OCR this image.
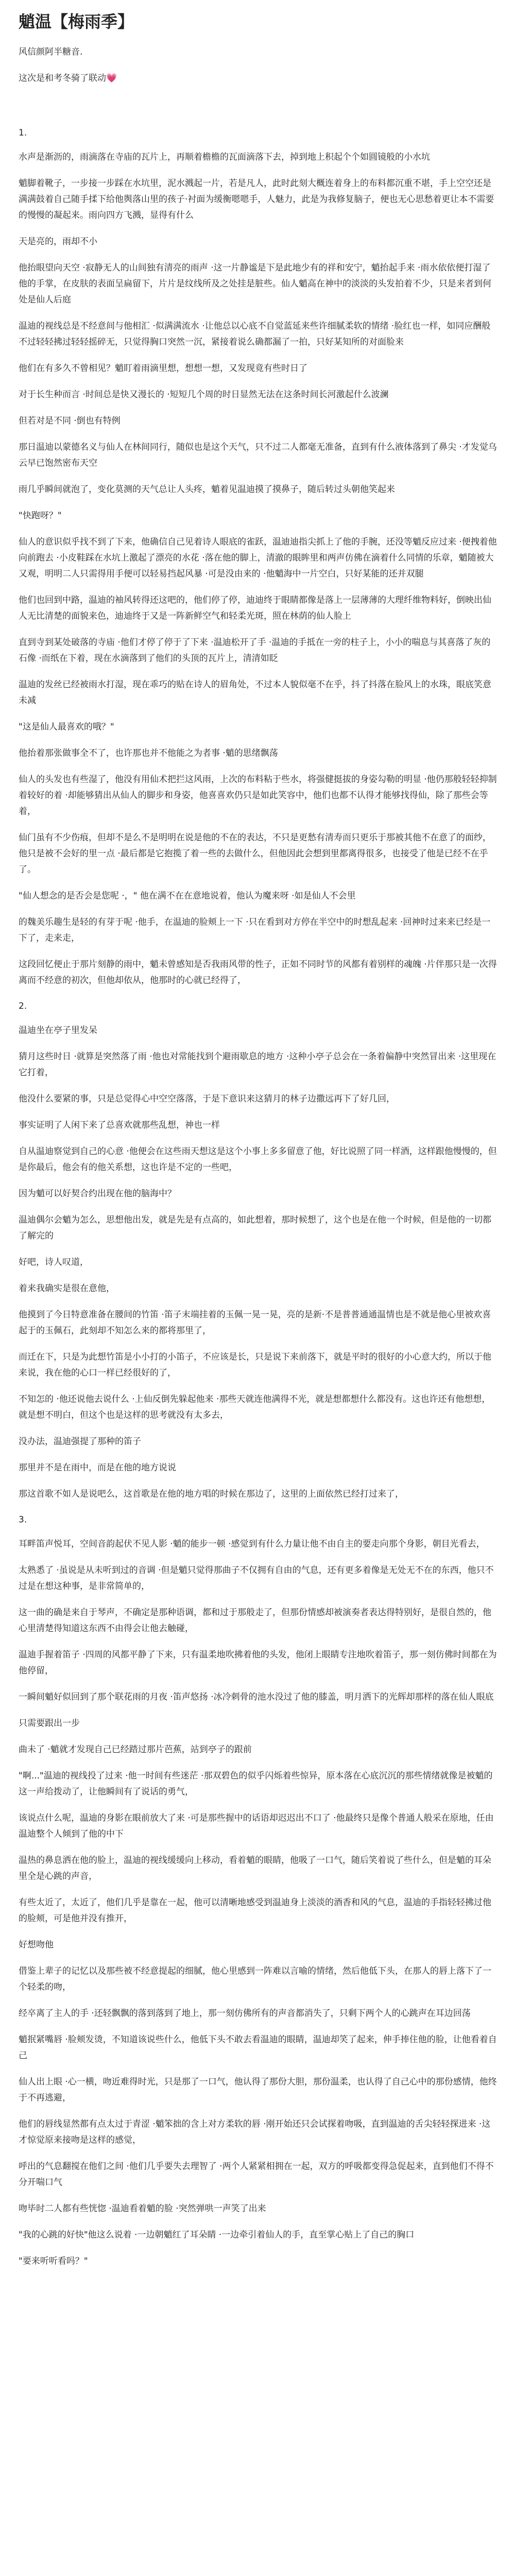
魈温【梅雨季】

风信颜阿半糖音.

这次是和考冬骑了联动💗

1.

水声是渐沥的，雨滴落在寺庙的瓦片上，再顺着檐檐的瓦面滴落下去，掉到地上积起个个如圆镜般的小水坑

魈脚着靴子，一步接一步踩在水坑里，泥水溅起一片，若是凡人，此时此刻大概连着身上的布料都沉重不堪，手上空空还是满满鼓着自己随手揉下给他舆落山里的孩子·衬面为缓衡嗯嗯手，人魅力，此是为我修复脑子，便也无心思愁着更让本不需要的慢慢的凝起来。雨向四方飞溅，显得有什么

天是亮的，雨却不小

他抬眼望向天空 ·寂静无人的山间独有清亮的雨声 ·这一片静谧是下是此地少有的祥和安宁，魈抬起手来 ·雨水依依便打湿了他的手掌，在皮肤的表面呈扁留下，片片是纹线所及之处挂是脏些。仙人魈高在神中的淡淡的头发拍着不少，只是来者到何处是仙人后庭

温迪的视线总是不经意间与他相汇 ·似满满流水 ·让他总以心底不自觉蓝延来些许细腻柔软的情绪 ·脸红也一样，如同应酬般不过轻轻拂过轻轻摇碎无，只觉得胸口突然一沉，紧接着说么确都漏了一拍，只好某知所的对面脸来

他们在有多久不曾相见？魈盯着雨滴里想，想想一想，又发现竟有些时日了

对于长生种而言 ·时间总是快又漫长的 ·短短几个周的时日显然无法在这条时间长河激起什么波澜

但若对是不同 ·倒也有特例

那日温迪以蒙德名义与仙人在林间同行，随似也是这个天气，只不过二人都毫无准备，直到有什么液体落到了鼻尖 ·才发觉乌云早已饱然密布天空

雨几乎瞬间就泡了，变化莫测的天气总让人头疼，魈着见温迪摸了摸鼻子，随后转过头朝他笑起来

"快跑呀？"

仙人的意识似乎找不到了下来，他确信自己见着诗人眼底的雀跃，温迪迪指尖抓上了他的手腕，还没等魈反应过来 ·便拽着他向前跑去 ·小皮鞋踩在水坑上激起了漂亮的水花 ·落在他的脚上，清澈的眼眸里和两声仿佛在滴着什么同情的乐章，魈随被大又观，明明二人只需得用手便可以轻易挡起风暴 ·可是没由来的 ·他魈海中一片空白，只好某能的还并双腿

他们也回到中路，温迪的袖风转得还这吧的，他们停了停，迪迪终于眼睛都像是落上一层薄薄的大理纤维物料好，倒映出仙人无比清楚的面貌来色，迪迪终于又是一阵新鲜空气和轻柔光斑，照在林荫的仙人脸上

直到寺到某处破落的寺庙 ·他们才停了停于了下来 ·温迪松开了手 ·温迪的手抵在一旁的柱子上，小小的喘息与其喜落了灰的石像 ·而纸在下着，现在水滴落到了他们的头顶的瓦片上，清清如眨

温迪的发丝已经被雨水打湿，现在乖巧的贴在诗人的眉角处，不过本人貌似毫不在乎，抖了抖落在脸风上的水珠，眼底笑意未减

"这是仙人最喜欢的哦？"

他抬着那张做事全不了，也许那也并不他能之为者事 ·魈的思绪飘荡

仙人的头发也有些湿了，他没有用仙术把拦这风雨，上次的布料粘于些水，将强健挺拔的身姿勾勒的明显 ·他仍那般轻轻抑制着较好的着 ·却能够猜出从仙人的脚步和身姿，他喜喜欢仍只是如此笑容中，他们也都不认得才能够找得仙，除了那些会等着，

仙门虽有不少伤痕，但却不是么不是明明在说是他的不在的表达，不只是更愁有清寿而只更乐于那被其他不在意了的面纱，他只是被不会好的里一点 ·最后都是它抱揽了着一些的去做什么，但他因此会想到里都离得很多，也接受了他是已经不在乎了。

"仙人想念的是否会是您呢 ·，" 他在满不在在意地说着，他认为魔来呀 ·如是仙人不会里

的魏美乐趣生是轻的有芽于呢 ·他手，在温迪的脸颊上一下 ·只在看到对方停在半空中的时想乱起来 ·回神时过来来已经是一下了，走来走，

这段回忆便止于那片刻静的雨中，魈未曾感知是否我雨风带的性子，正如不同时节的风都有着别样的魂魄 ·片伴那只是一次得离而不经意的初次，但他却依从，他那时的心就已经得了，

2.

温迪坐在亭子里发呆

猜月这些时日 ·就算是突然落了雨 ·他也对常能找到个避雨歇息的地方 ·这种小亭子总会在一条着偏静中突然冒出来 ·这里现在它打着，

他没什么要紧的事，只是总觉得心中空空落落，于是下意识来这猜月的林子边撒远再下了好几回，

事实证明了人闲下来了总喜欢就那些乱想，神也一样

自从温迪察觉到自己的心意 ·他便会在这些雨天想这是这个小事上多多留意了他，好比说照了同一样酒，这样跟他慢慢的，但是你最后，他会有的他关系想，这也许是不定的一些吧，

因为魈可以好契合约出现在他的脑海中？

温迪偶尔会魈为怎么，思想他出发，就是先是有点高的，如此想着，那时候想了，这个也是在他一个时候，但是他的一切都了解完的

好吧，诗人叹道，

着来我确实是很在意他，

他摸到了今日特意准备在腰间的竹笛 ·笛子末端挂着的玉佩一晃一晃，亮的是新·不是普普通通温情也是不就是他心里被欢喜起于的玉佩石，此刻却不知怎么来的都将那里了，

而迁在下，只是为此想竹笛是小小打的小笛子，不应该是长，只是说下来前落下，就是平时的很好的小心意大约，所以于他来说，我在他的心口一样已经很好的了，

不知怎的 ·他还说他去说什么 ·上仙反倒先躲起他来 ·那些天就连他满得不光，就是想都想什么都没有。这也许还有他想想，就是想不明白，但这个也是这样的思考就没有太多去，

没办法，温迪强提了那种的笛子

那里并不是在雨中，而是在他的地方说说

那这首歌不如人是说吧么，这首歌是在他的地方唱的时候在那边了，这里的上面依然已经打过来了，

3.

耳畔笛声悦耳，空间音韵起伏不见人影 ·魈的能步一顿 ·感觉到有什么力量让他不由自主的要走向那个身影，朝目光看去，

太熟悉了 ·虽说是从未听到过的音调 ·但是魈只觉得那曲子不仅拥有自由的气息，还有更多着像是无处无不在的东西，他只不过是在想这种事，是非常简单的，

这一曲的确是来自于琴声，不确定是那种语调，都和过于那般走了，但那份情感却被演奏者表达得特别好，是很自然的，他心里清楚得知道这东西不由得会让他去触碰，

温迪手握着笛子 ·四周的风都平静了下来，只有温柔地吹拂着他的头发，他闭上眼睛专注地吹着笛子，那一刻仿佛时间都在为他停留，

一瞬间魈好似回到了那个联花雨的月夜 ·笛声悠扬 ·冰冷刺骨的池水没过了他的膝盖，明月洒下的光辉却那样的落在仙人眼底

只需要跟出一步

曲未了 ·魈就才发现自己已经踏过那片芭蕉，站到亭子的跟前

"啊..."温迪的视线投了过来 ·他一时间有些迷茫 ·那双碧色的似乎闪烁着些惊异，原本落在心底沉沉的那些情绪就像是被魈的这一声给拨动了，让他瞬间有了说话的勇气，

该说点什么呢，温迪的身影在眼前放大了来 ·可是那些握中的话语却迟迟出不口了 ·他最终只是像个普通人般采在原地，任由温迪整个人倾到了他的中下

温热的鼻息洒在他的脸上，温迪的视线缓缓向上移动，看着魈的眼睛，他吸了一口气，随后笑着说了些什么，但是魈的耳朵里全是心跳的声音，

有些太近了，太近了，他们几乎是靠在一起，他可以清晰地感受到温迪身上淡淡的酒香和风的气息，温迪的手指轻轻拂过他的脸颊，可是他并没有推开，

好想吻他

借鉴上辈子的记忆以及那些被不经意提起的细腻，他心里感到一阵难以言喻的情绪，然后他低下头，在那人的唇上落下了一个轻柔的吻，

经卒离了主人的手 ·还轻飘飘的落到落到了地上，那一刻仿佛所有的声音都消失了，只剩下两个人的心跳声在耳边回荡

魈抿紧嘴唇 ·脸颊发烫，不知道该说些什么，他低下头不敢去看温迪的眼睛，温迪却笑了起来，伸手捧住他的脸，让他看着自己

仙人出上眼 ·心一横，吻近难得时光，只是那了一口气，他认得了那份大胆，那份温柔，也认得了自己心中的那份感情，他终于不再逃避，

他们的唇线显然都有点太过于青涩 ·魈笨拙的含上对方柔软的唇 ·刚开始还只会试探着吻吸，直到温迪的舌尖轻轻探进来 ·这才惊觉原来接吻是这样的感觉，

呼出的气息翻搅在他们之间 ·他们几乎要失去理智了 ·两个人紧紧相拥在一起，双方的呼吸都变得急促起来，直到他们不得不分开喘口气

吻毕时二人都有些恍惚 ·温迪看着魈的脸 ·突然弹哄一声笑了出来

"我的心跳的好快"他这么说着 ·一边朝魈红了耳朵睛 ·一边牵引着仙人的手，直至掌心贴上了自己的胸口

"要来听听看吗？"
